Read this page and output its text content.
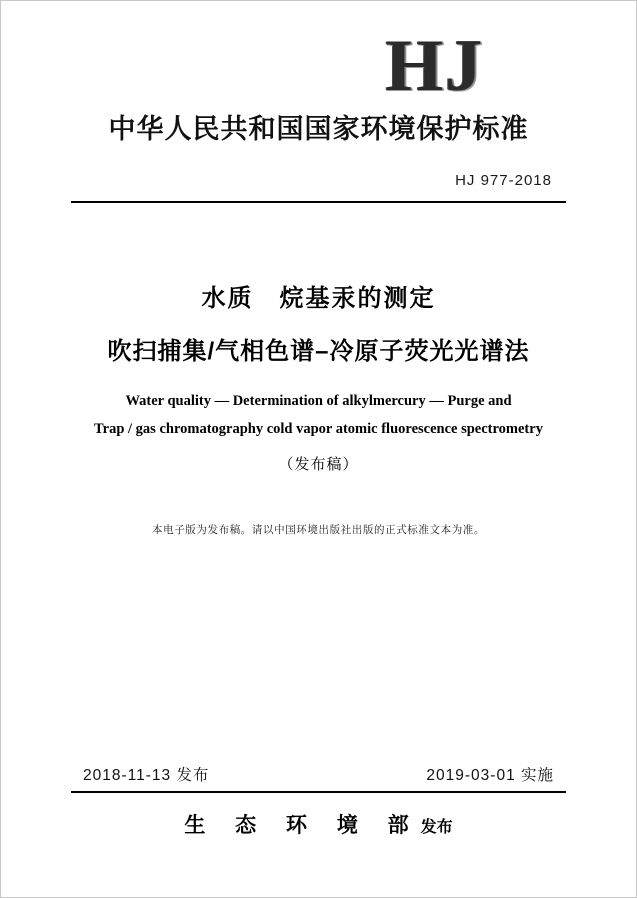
HJ
中华人民共和国国家环境保护标准
HJ 977-2018
水质　烷基汞的测定
吹扫捕集/气相色谱–冷原子荧光光谱法
Water quality — Determination of alkylmercury — Purge and
Trap / gas chromatography cold vapor atomic fluorescence spectrometry
（发布稿）
本电子版为发布稿。请以中国环境出版社出版的正式标准文本为准。
2018-11-13 发布	2019-03-01 实施
生 态 环 境 部发布
